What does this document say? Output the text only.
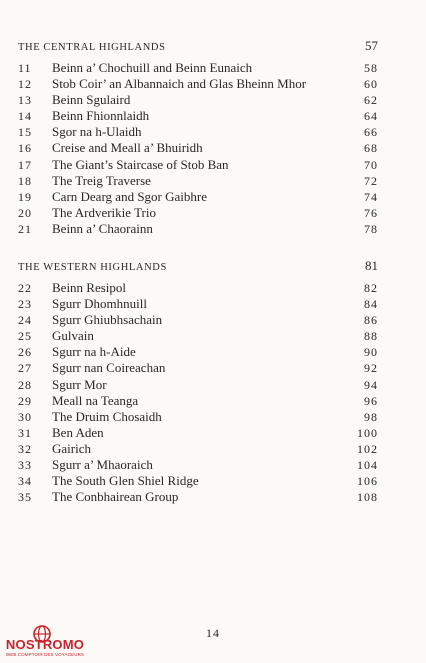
THE CENTRAL HIGHLANDS	57
11	Beinn a’ Chochuill and Beinn Eunaich	58
12	Stob Coir’ an Albannaich and Glas Bheinn Mhor	60
13	Beinn Sgulaird	62
14	Beinn Fhionnlaidh	64
15	Sgor na h-Ulaidh	66
16	Creise and Meall a’ Bhuiridh	68
17	The Giant’s Staircase of Stob Ban	70
18	The Treig Traverse	72
19	Carn Dearg and Sgor Gaibhre	74
20	The Ardverikie Trio	76
21	Beinn a’ Chaorainn	78
THE WESTERN HIGHLANDS	81
22	Beinn Resipol	82
23	Sgurr Dhomhnuill	84
24	Sgurr Ghiubhsachain	86
25	Gulvain	88
26	Sgurr na h-Aide	90
27	Sgurr nan Coireachan	92
28	Sgurr Mor	94
29	Meall na Teanga	96
30	The Druim Chosaidh	98
31	Ben Aden	100
32	Gairich	102
33	Sgurr a’ Mhaoraich	104
34	The South Glen Shiel Ridge	106
35	The Conbhairean Group	108
14
NOSTROMO
WEB COMPTOIR DES VOYAGEURS
